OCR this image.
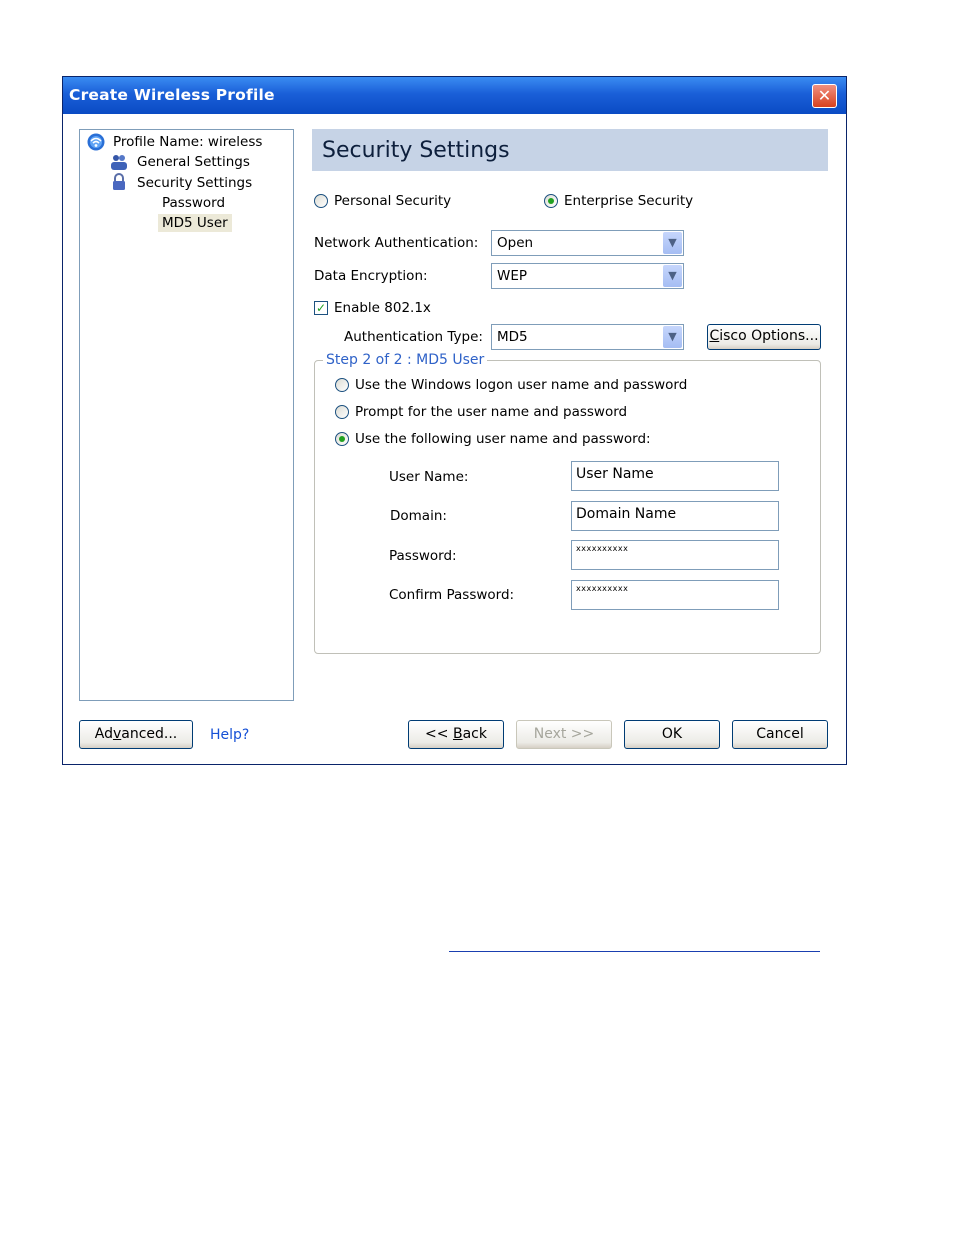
Create Wireless Profile	✕
Profile Name: wireless
General Settings
Security Settings
Password
MD5 User
Security Settings
Personal Security	Enterprise Security
Network Authentication: Open	▼
Data Encryption:	WEP	▼
✓ Enable 802.1x
Authentication Type: MD5	▼	Cisco Options...
Step 2 of 2 : MD5 User
Use the Windows logon user name and password
Prompt for the user name and password
Use the following user name and password:
User Name:	User Name
Domain:	Domain Name
Password:	xxxxxxxxxx
Confirm Password:	xxxxxxxxxx
Advanced...	Help?	<< Back	Next >>	OK	Cancel
